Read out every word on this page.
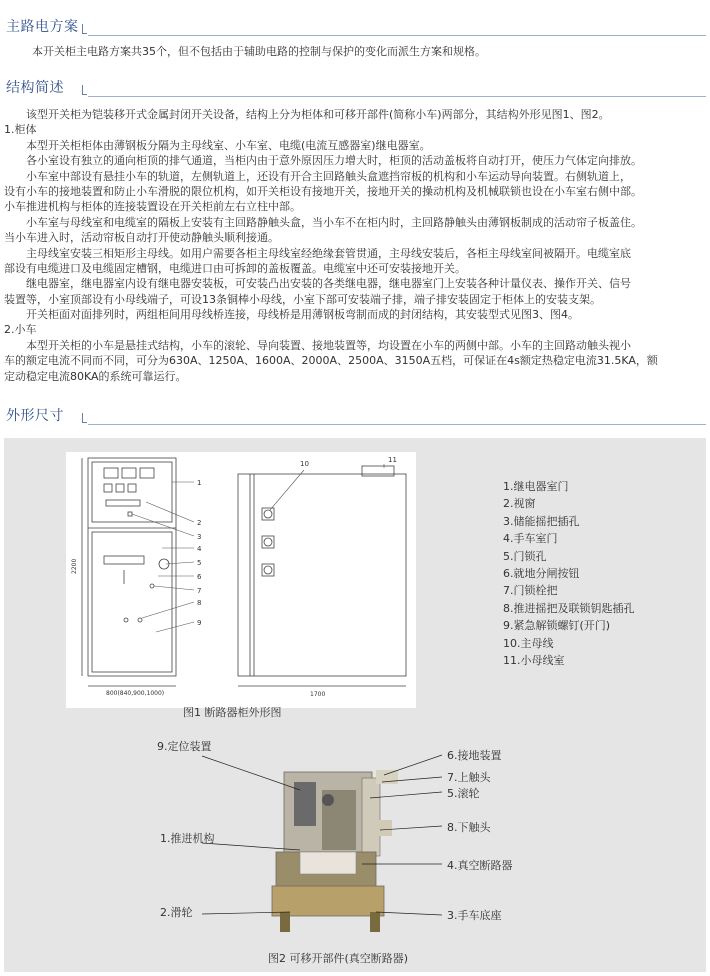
主路电方案
本开关柜主电路方案共35个，但不包括由于辅助电路的控制与保护的变化而派生方案和规格。
结构简述
　　该型开关柜为铠装移开式金属封闭开关设备，结构上分为柜体和可移开部件(简称小车)两部分，其结构外形见图1、图2。
1.柜体
　　本型开关柜柜体由薄钢板分隔为主母线室、小车室、电缆(电流互感器室)继电器室。
　　各小室设有独立的通向柜顶的排气通道，当柜内由于意外原因压力增大时，柜顶的活动盖板将自动打开，使压力气体定向排放。
　　小车室中部设有悬挂小车的轨道，左侧轨道上，还设有开合主回路触头盒遮挡帘板的机构和小车运动导向装置。右侧轨道上，
设有小车的接地装置和防止小车滑脱的限位机构，如开关柜设有接地开关，接地开关的操动机构及机械联锁也设在小车室右侧中部。
小车推进机构与柜体的连接装置设在开关柜前左右立柱中部。
　　小车室与母线室和电缆室的隔板上安装有主回路静触头盒，当小车不在柜内时，主回路静触头由薄钢板制成的活动帘子板盖住。
当小车进入时，活动帘板自动打开使动静触头顺利接通。
　　主母线室安装三相矩形主母线。如用户需要各柜主母线室经绝缘套管贯通，主母线安装后，各柜主母线室间被隔开。电缆室底
部设有电缆进口及电缆固定槽钢，电缆进口由可拆卸的盖板覆盖。电缆室中还可安装接地开关。
　　继电器室，继电器室内设有继电器安装板，可安装凸出安装的各类继电器，继电器室门上安装各种计量仪表、操作开关、信号
装置等，小室顶部设有小母线端子，可设13条铜棒小母线，小室下部可安装端子排，端子排安装固定于柜体上的安装支架。
　　开关柜面对面排列时，两组柜间用母线桥连接，母线桥是用薄钢板弯制而成的封闭结构，其安装型式见图3、图4。
2.小车
　　本型开关柜的小车是悬挂式结构，小车的滚轮、导向装置、接地装置等，均设置在小车的两侧中部。小车的主回路动触头视小
车的额定电流不同而不同，可分为630A、1250A、1600A、2000A、2500A、3150A五档，可保证在4s额定热稳定电流31.5KA，额
定动稳定电流80KA的系统可靠运行。
外形尺寸
1
2
3
4
5
6
7
8
9
2200
800(840,900,1000)
10	11
1700
1.继电器室门
2.视窗
3.储能摇把插孔
4.手车室门
5.门锁孔
6.就地分闸按钮
7.门锁栓把
8.推进摇把及联锁钥匙插孔
9.紧急解锁螺钉(开门)
10.主母线
11.小母线室
图1 断路器柜外形图
9.定位装置
1.推进机构
2.滑轮
6.接地装置
7.上触头
5.滚轮
8.下触头
4.真空断路器
3.手车底座
图2 可移开部件(真空断路器)
